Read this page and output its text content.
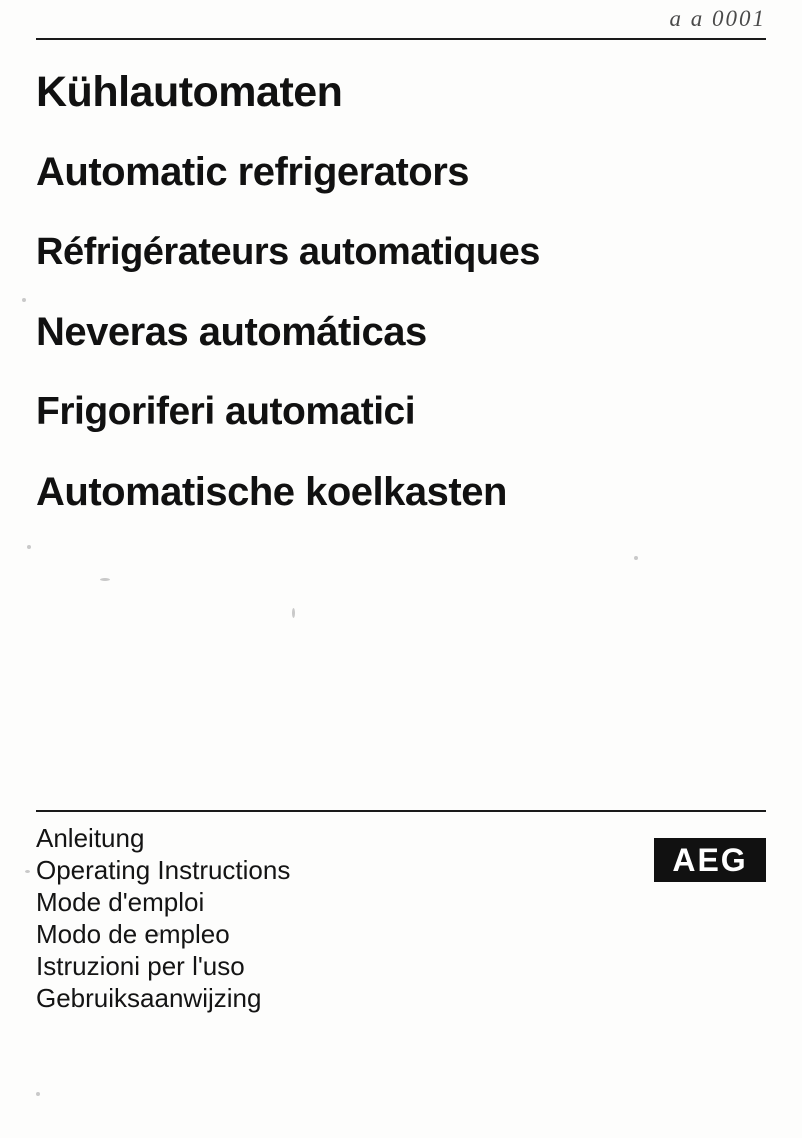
a a 0001
Kühlautomaten
Automatic refrigerators
Réfrigérateurs automatiques
Neveras automáticas
Frigoriferi automatici
Automatische koelkasten
Anleitung
Operating Instructions
Mode d'emploi
Modo de empleo
Istruzioni per l'uso
Gebruiksaanwijzing
AEG
